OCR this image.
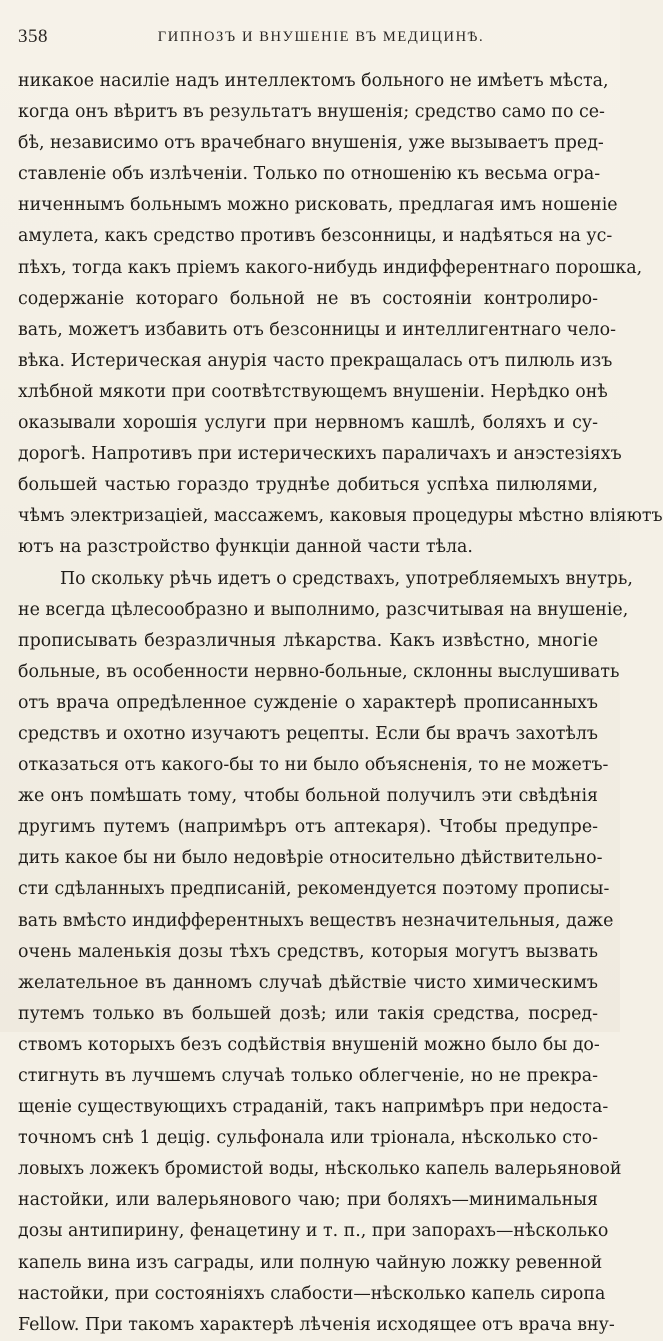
358	ГИПНОЗЪ И ВНУШЕНІЕ ВЪ МЕДИЦИНѢ.
никакое насиліе надъ интеллектомъ больного не имѣетъ мѣста,
когда онъ вѣритъ въ результатъ внушенія; средство само по се-
бѣ, независимо отъ врачебнаго внушенія, уже вызываетъ пред-
ставленіе объ излѣченіи. Только по отношенію къ весьма огра-
ниченнымъ больнымъ можно рисковать, предлагая имъ ношеніе
амулета, какъ средство противъ безсонницы, и надѣяться на ус-
пѣхъ, тогда какъ пріемъ какого-нибудь индифферентнаго порошка,
содержаніе котораго больной не въ состояніи контролиро-
вать, можетъ избавить отъ безсонницы и интеллигентнаго чело-
вѣка. Истерическая анурія часто прекращалась отъ пилюль изъ
хлѣбной мякоти при соотвѣтствующемъ внушеніи. Нерѣдко онѣ
оказывали хорошія услуги при нервномъ кашлѣ, боляхъ и су-
дорогѣ. Напротивъ при истерическихъ параличахъ и анэстезіяхъ
большей частью гораздо труднѣе добиться успѣха пилюлями,
чѣмъ электризаціей, массажемъ, каковыя процедуры мѣстно вліяютъ
ютъ на разстройство функціи данной части тѣла.
По скольку рѣчь идетъ о средствахъ, употребляемыхъ внутрь,
не всегда цѣлесообразно и выполнимо, разсчитывая на внушеніе,
прописывать безразличныя лѣкарства. Какъ извѣстно, многіе
больные, въ особенности нервно-больные, склонны выслушивать
отъ врача опредѣленное сужденіе о характерѣ прописанныхъ
средствъ и охотно изучаютъ рецепты. Если бы врачъ захотѣлъ
отказаться отъ какого-бы то ни было объясненія, то не можетъ-
же онъ помѣшать тому, чтобы больной получилъ эти свѣдѣнія
другимъ путемъ (напримѣръ отъ аптекаря). Чтобы предупре-
дить какое бы ни было недовѣріе относительно дѣйствительно-
сти сдѣланныхъ предписаній, рекомендуется поэтому прописы-
вать вмѣсто индифферентныхъ веществъ незначительныя, даже
очень маленькія дозы тѣхъ средствъ, которыя могутъ вызвать
желательное въ данномъ случаѣ дѣйствіе чисто химическимъ
путемъ только въ большей дозѣ; или такія средства, посред-
ствомъ которыхъ безъ содѣйствія внушеній можно было бы до-
стигнуть въ лучшемъ случаѣ только облегченіе, но не прекра-
щеніе существующихъ страданій, такъ напримѣръ при недоста-
точномъ снѣ 1 децig. сульфонала или тріонала, нѣсколько сто-
ловыхъ ложекъ бромистой воды, нѣсколько капель валерьяновой
настойки, или валерьянового чаю; при боляхъ—минимальныя
дозы антипирину, фенацетину и т. п., при запорахъ—нѣсколько
капель вина изъ саграды, или полную чайную ложку ревенной
настойки, при состояніяхъ слабости—нѣсколько капель сиропа
Fellow. При такомъ характерѣ лѣченія исходящее отъ врача вну-
